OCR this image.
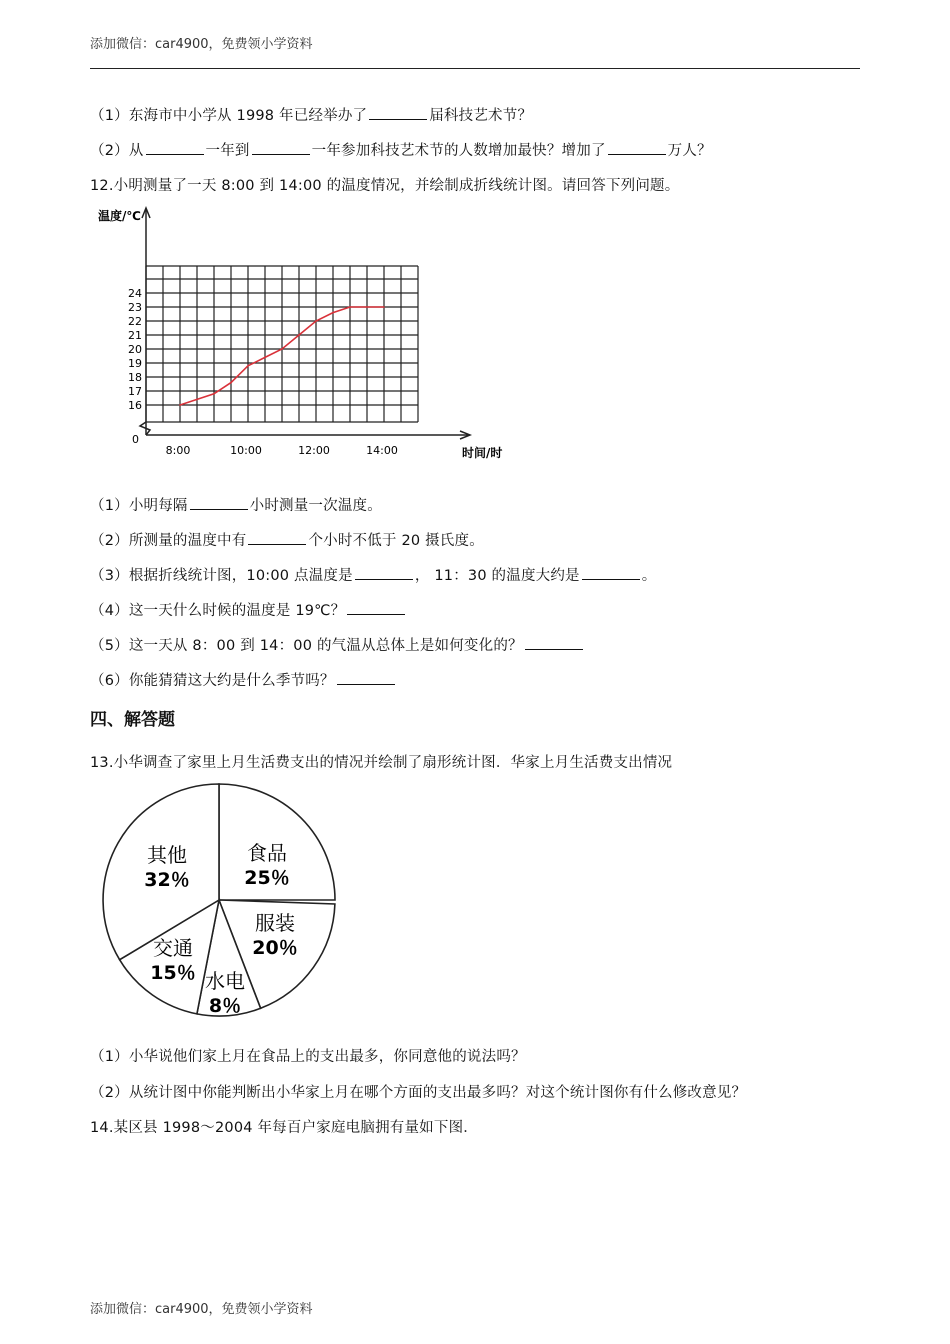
添加微信：car4900，免费领小学资料
（1）东海市中小学从 1998 年已经举办了	届科技艺术节？
（2）从	一年到	一年参加科技艺术节的人数增加最快？增加了	万人？
12.小明测量了一天 8:00 到 14:00 的温度情况，并绘制成折线统计图。请回答下列问题。
温度/℃
时间/时
0
16
17
18
19
20
21
22
23
24
8:00	10:00	12:00	14:00
（1）小明每隔	小时测量一次温度。
（2）所测量的温度中有	个小时不低于 20 摄氏度。
（3）根据折线统计图，10:00 点温度是	， 11：30 的温度大约是	。
（4）这一天什么时候的温度是 19℃？
（5）这一天从 8：00 到 14：00 的气温从总体上是如何变化的？
（6）你能猜猜这大约是什么季节吗？
四、解答题
13.小华调查了家里上月生活费支出的情况并绘制了扇形统计图．华家上月生活费支出情况
食品
25％
服装
20％
水电
8％
交通
15％
其他
32％
（1）小华说他们家上月在食品上的支出最多，你同意他的说法吗？
（2）从统计图中你能判断出小华家上月在哪个方面的支出最多吗？对这个统计图你有什么修改意见？
14.某区县 1998～2004 年每百户家庭电脑拥有量如下图．
添加微信：car4900，免费领小学资料
